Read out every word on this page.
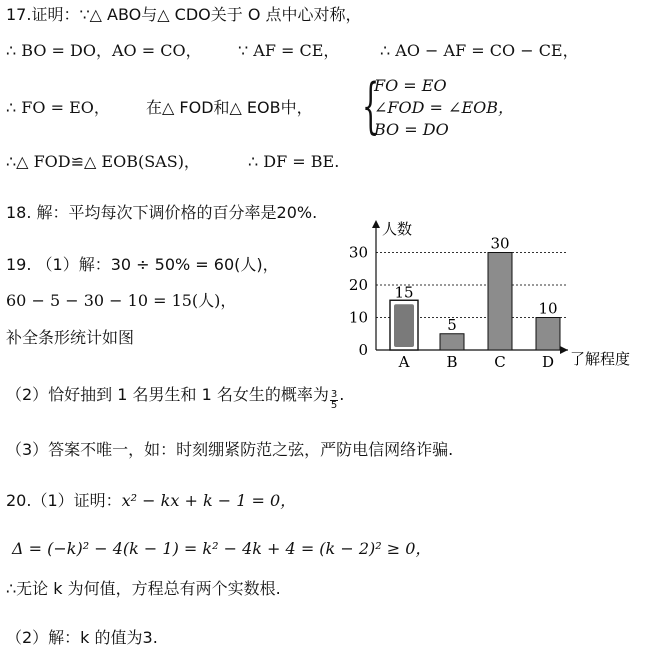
17.证明：∵△ ABO与△ CDO关于 O 点中心对称，
∴ BO = DO，AO = CO， ∵ AF = CE，	∴ AO − AF = CO − CE，
∴ FO = EO， 在△ FOD和△ EOB中， {
FO = EO
∠FOD = ∠EOB，
BO = DO
∴△ FOD≌△ EOB(SAS)，	∴ DF = BE.
18. 解：平均每次下调价格的百分率是20%.
19. （1）解：30 ÷ 50% = 60(人)，
60 − 5 − 30 − 10 = 15(人)，
补全条形统计如图
（2）恰好抽到 1 名男生和 1 名女生的概率为 $\frac{3}{5}$ .
（3）答案不唯一，如：时刻绷紧防范之弦，严防电信网络诈骗.
20.（1）证明：x² − kx + k − 1 = 0，
Δ = (−k)² − 4(k − 1) = k² − 4k + 4 = (k − 2)² ≥ 0，
∴无论 k 为何值，方程总有两个实数根.
（2）解：k 的值为3.
0
10
20
30
人数
了解程度
15
A
5
B
30
C
10
D
